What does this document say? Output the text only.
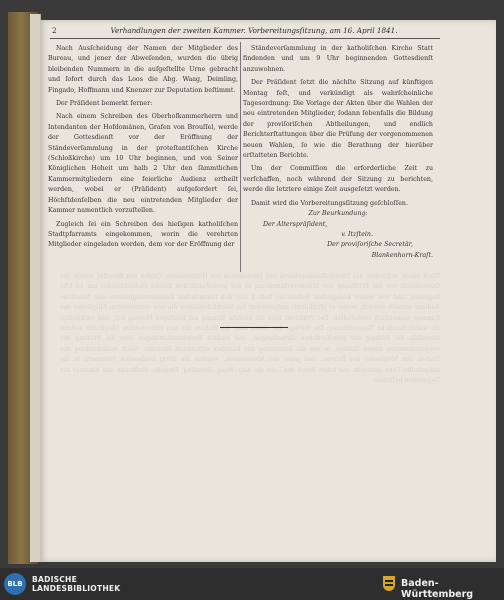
2	Verhandlungen der zweiten Kammer. Vorbereitungsſitzung, am 16. April 1841.

Nach Ausſcheidung der Namen der Mitglieder des Bureau, und jener der Abweſenden, wurden die übrig bleibenden Nummern in die aufgeſtellte Urne gebracht und ſofort durch das Loos die Abg. Waag, Deimling, Fingado, Hoffmann und Knenzer zur Deputation beſtimmt.

Der Präſident bemerkt ferner:

Nach einem Schreiben des Oberhofkammerherrn und Intendanten der Hofdomänen, Grafen von Brouſſel, werde der Gottesdienſt vor der Eröffnung der Ständeverſammlung in der proteſtantiſchen Kirche (Schloßkirche) um 10 Uhr beginnen, und von Seiner Königlichen Hoheit um halb 2 Uhr den ſämmtlichen Kammermitgliedern eine feierliche Audienz ertheilt werden, wobei er (Präſident) aufgefordert ſei, Höchſtdenſelben die neu eintretenden Mitglieder der Kammer namentlich vorzuſtellen.

Zugleich ſei ein Schreiben des hieſigen katholiſchen Stadtpfarramts eingekommen, worin die verehrten Mitglieder eingeladen werden, dem vor der Eröffnung der

Ständeverſammlung in der katholiſchen Kirche Statt findenden und um 9 Uhr beginnenden Gottesdienſt anzuwohnen.

Der Präſident ſetzt die nächſte Sitzung auf künftigen Montag feſt, und verkündigt als wahrſcheinliche Tagesordnung: Die Vorlage der Akten über die Wahlen der neu eintretenden Mitglieder, ſodann ſebenfalls die Bildung der proviſoriſchen Abtheilungen, und endlich Berichterſtattungen über die Prüfung der vorgenommenen neuen Wahlen, ſo wie die Berathung der hierüber erſtatteten Berichte.

Um der Commiſſion die erforderliche Zeit zu verſchaffen, noch während der Sitzung zu berichten, werde die letztere einige Zeit ausgeſetzt werden.

Damit wird die Vorbereitungsſitzung geſchloſſen.

Zur Beurkundung:
Der Alterspräſident,
v. Itzſtein.
Der proviſoriſche Secretär,
Blankenhorn-Kraſt.
Nach einem Schreiben des Oberhofkammerherrn und Intendanten der Hofdomänen, Grafen von Brouſſel, werde der Gottesdienſt vor der Eröffnung der Ständeverſammlung in der proteſtantiſchen Kirche (Schloßkirche) um 10 Uhr beginnen, und von Seiner Königlichen Hoheit um halb 2 Uhr den ſämmtlichen Kammermitgliedern eine feierliche Audienz ertheilt werden, wobei er (Präſident) aufgefordert ſei, Höchſtdenſelben die neu eintretenden Mitglieder der Kammer namentlich vorzuſtellen. Der Präſident ſetzt die nächſte Sitzung auf künftigen Montag feſt, und verkündigt als wahrſcheinliche Tagesordnung: Die Vorlage der Akten über die Wahlen der neu eintretenden Mitglieder, ſodann ſebenfalls die Bildung der proviſoriſchen Abtheilungen, und endlich Berichterſtattungen über die Prüfung der vorgenommenen neuen Wahlen, ſo wie die Berathung der hierüber erſtatteten Berichte. Nach Ausſcheidung der Namen der Mitglieder des Bureau, und jener der Abweſenden, wurden die übrig bleibenden Nummern in die aufgeſtellte Urne gebracht und ſofort durch das Loos die Abg. Waag, Deimling, Fingado, Hoffmann und Knenzer zur Deputation beſtimmt.
BLB	BADISCHE
LANDESBIBLIOTHEK	Baden-Württemberg
